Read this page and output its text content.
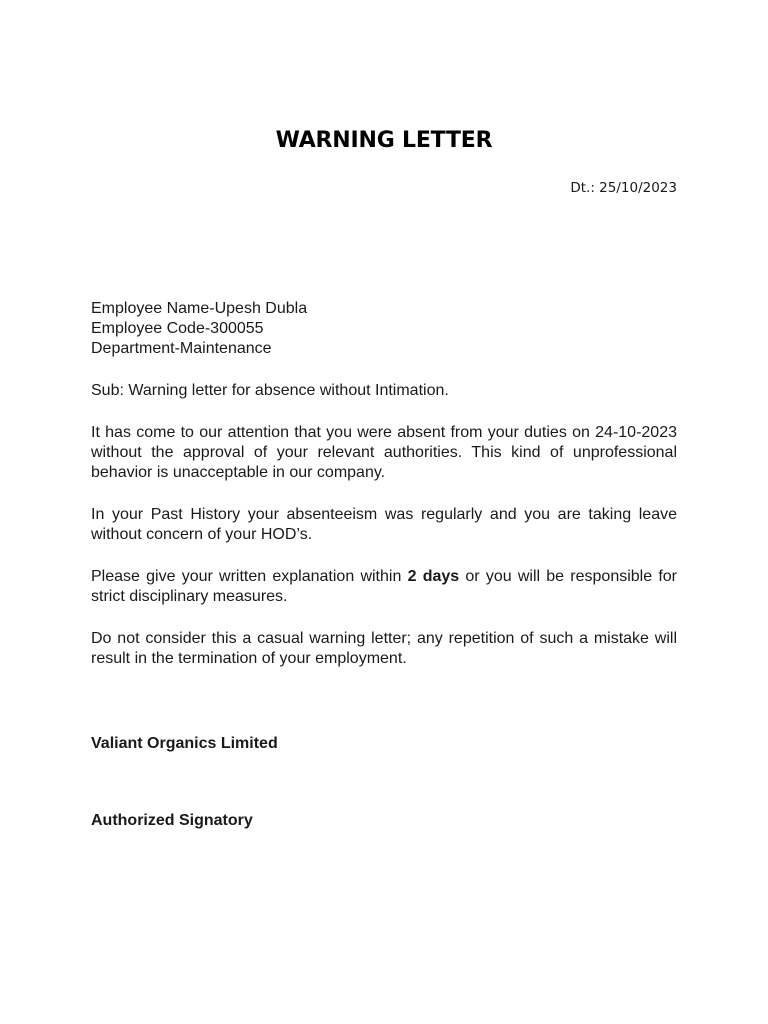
WARNING LETTER
Dt.: 25/10/2023
Employee Name-Upesh Dubla
Employee Code-300055
Department-Maintenance
Sub: Warning letter for absence without Intimation.
It has come to our attention that you were absent from your duties on 24-10-2023 without the approval of your relevant authorities. This kind of unprofessional behavior is unacceptable in our company.
In your Past History your absenteeism was regularly and you are taking leave without concern of your HOD’s.
Please give your written explanation within 2 days or you will be responsible for strict disciplinary measures.
Do not consider this a casual warning letter; any repetition of such a mistake will result in the termination of your employment.
Valiant Organics Limited
Authorized Signatory
